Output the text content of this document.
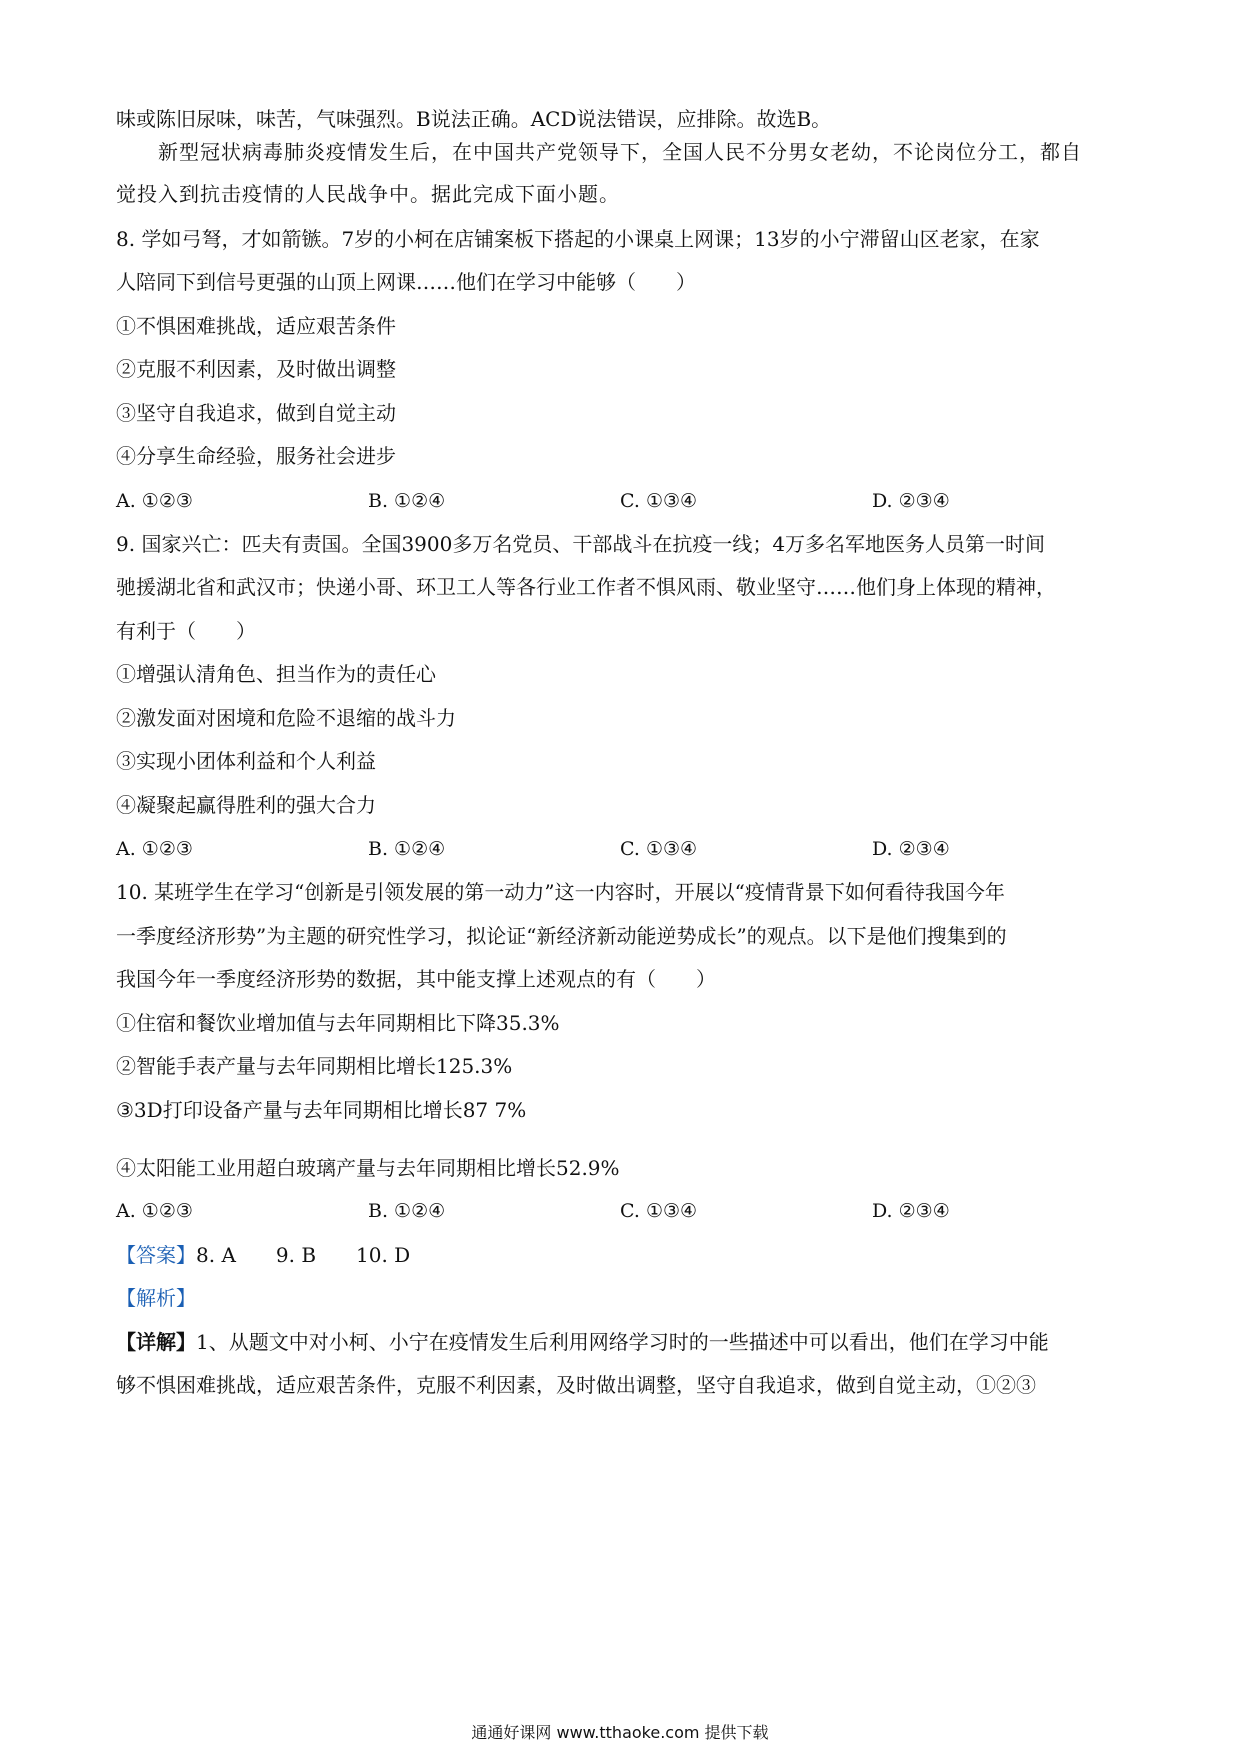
味或陈旧尿味，味苦，气味强烈。B说法正确。ACD说法错误，应排除。故选B。
新型冠状病毒肺炎疫情发生后，在中国共产党领导下，全国人民不分男女老幼，不论岗位分工，都自
觉投入到抗击疫情的人民战争中。据此完成下面小题。
8. 学如弓弩，才如箭镞。7岁的小柯在店铺案板下搭起的小课桌上网课；13岁的小宁滞留山区老家，在家
人陪同下到信号更强的山顶上网课……他们在学习中能够（　　）
①不惧困难挑战，适应艰苦条件
②克服不利因素，及时做出调整
③坚守自我追求，做到自觉主动
④分享生命经验，服务社会进步
A. ①②③	B. ①②④	C. ①③④	D. ②③④
9. 国家兴亡：匹夫有责国。全国3900多万名党员、干部战斗在抗疫一线；4万多名军地医务人员第一时间
驰援湖北省和武汉市；快递小哥、环卫工人等各行业工作者不惧风雨、敬业坚守……他们身上体现的精神，
有利于（　　）
①增强认清角色、担当作为的责任心
②激发面对困境和危险不退缩的战斗力
③实现小团体利益和个人利益
④凝聚起赢得胜利的强大合力
A. ①②③	B. ①②④	C. ①③④	D. ②③④
10. 某班学生在学习“创新是引领发展的第一动力”这一内容时，开展以“疫情背景下如何看待我国今年
一季度经济形势”为主题的研究性学习，拟论证“新经济新动能逆势成长”的观点。以下是他们搜集到的
我国今年一季度经济形势的数据，其中能支撑上述观点的有（　　）
①住宿和餐饮业增加值与去年同期相比下降35.3%
②智能手表产量与去年同期相比增长125.3%
③3D打印设备产量与去年同期相比增长87 7%
④太阳能工业用超白玻璃产量与去年同期相比增长52.9%
A. ①②③	B. ①②④	C. ①③④	D. ②③④
【答案】8. A　　9. B　　10. D
【解析】
【详解】1、从题文中对小柯、小宁在疫情发生后利用网络学习时的一些描述中可以看出，他们在学习中能
够不惧困难挑战，适应艰苦条件，克服不利因素，及时做出调整，坚守自我追求，做到自觉主动，①②③
通通好课网 www.tthaoke.com 提供下载
